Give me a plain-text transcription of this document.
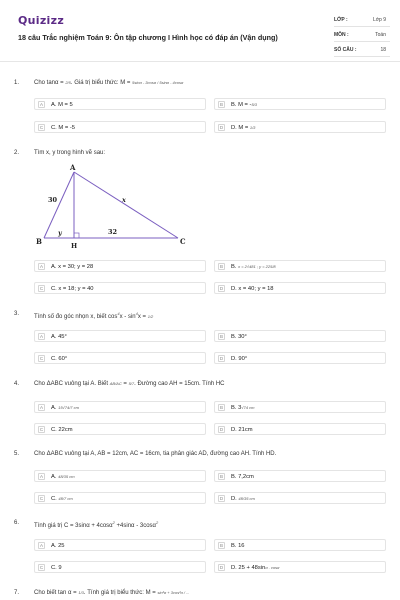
Quizizz
18 câu Trắc nghiệm Toán 9: Ôn tập chương I Hình học có đáp án (Vận dụng)
LỚP :	Lớp 9
MÔN :	Toán
SỐ CÂU :	18
1. Cho tanα = 2/5. Giá trị biểu thức: M = 5sinα - 3cosα / 5sinα - 4cosα
A	A. M = 5	B	B. M = -5/3
C	C. M = -5	D	D. M = 1/3
2. Tìm x, y trong hình vẽ sau:
A
B	C
H
30	x
y	32
A	A. x = 30; y = 28	B	B. x = 2√481 ; y = 225/8
C	C. x = 18; y = 40	D	D. x = 40; y = 18
3. Tính số đo góc nhọn x, biết $\cos^4x - \sin^4x = 1/2$
A	A. 45°	B	B. 30°
C	C. 60°	D	D. 90°
4. Cho ΔABC vuông tại A. Biết AB/AC = 5/7. Đường cao AH = 15cm. Tính HC
A	A. 15√74/7 cm	B	B. 3√74 cm
C	C. 22cm	D	D. 21cm
5. Cho ΔABC vuông tại A, AB = 12cm, AC = 16cm, tia phân giác AD, đường cao AH. Tính HD.
A	A. 48/35 cm	B	B. 7,2cm
C	C. 48/7 cm	D	D. 48/35 cm
6. Tính giá trị C = 3sinα + 4cosα$^2$ +4sinα - 3cosα$^2$
A	A. 25	B	B. 16
C	C. 9	D	D. 25 + 48sinα . cosα
7. Cho biết tan α = 1/3. Tính giá trị biểu thức: M = sin²α + 3cos²α / ...
